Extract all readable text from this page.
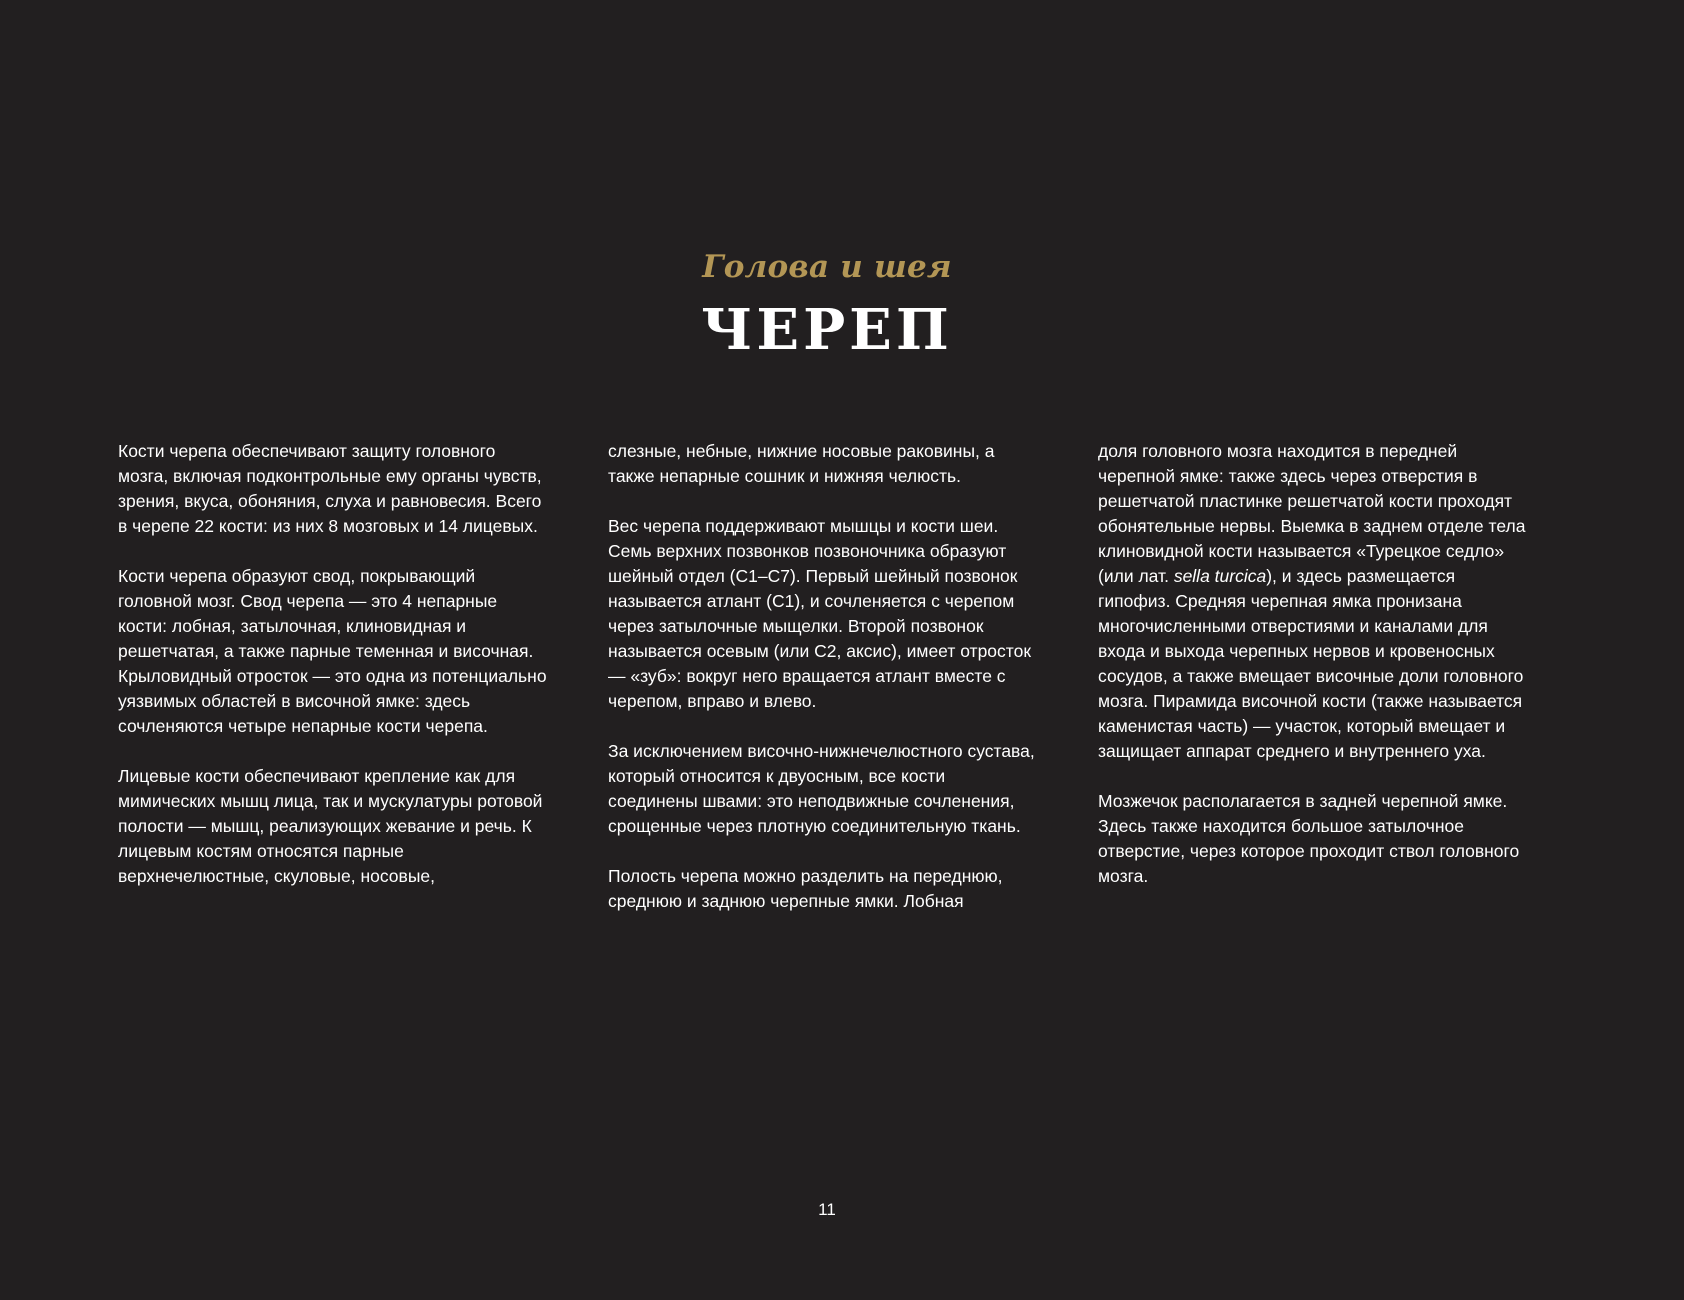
Голова и шея
ЧЕРЕП

Кости черепа обеспечивают защиту головного мозга, включая подконтрольные ему органы чувств, зрения, вкуса, обоняния, слуха и равновесия. Всего в черепе 22 кости: из них 8 мозговых и 14 лицевых.

Кости черепа образуют свод, покрывающий головной мозг. Свод черепа — это 4 непарные кости: лобная, затылочная, клиновидная и решетчатая, а также парные теменная и височная. Крыловидный отросток — это одна из потенциально уязвимых областей в височной ямке: здесь сочленяются четыре непарные кости черепа.

Лицевые кости обеспечивают крепление как для мимических мышц лица, так и мускулатуры ротовой полости — мышц, реализующих жевание и речь. К лицевым костям относятся парные верхнечелюстные, скуловые, носовые,

слезные, небные, нижние носовые раковины, а также непарные сошник и нижняя челюсть.

Вес черепа поддерживают мышцы и кости шеи. Семь верхних позвонков позвоночника образуют шейный отдел (C1–C7). Первый шейный позвонок называется атлант (C1), и сочленяется с черепом через затылочные мыщелки. Второй позвонок называется осевым (или C2, аксис), имеет отросток — «зуб»: вокруг него вращается атлант вместе с черепом, вправо и влево.

За исключением височно-нижнечелюстного сустава, который относится к двуосным, все кости соединены швами: это неподвижные сочленения, срощенные через плотную соединительную ткань.

Полость черепа можно разделить на переднюю, среднюю и заднюю черепные ямки. Лобная

доля головного мозга находится в передней черепной ямке: также здесь через отверстия в решетчатой пластинке решетчатой кости проходят обонятельные нервы. Выемка в заднем отделе тела клиновидной кости называется «Турецкое седло» (или лат. sella turcica), и здесь размещается гипофиз. Средняя черепная ямка пронизана многочисленными отверстиями и каналами для входа и выхода черепных нервов и кровеносных сосудов, а также вмещает височные доли головного мозга. Пирамида височной кости (также называется каменистая часть) — участок, который вмещает и защищает аппарат среднего и внутреннего уха.

Мозжечок располагается в задней черепной ямке. Здесь также находится большое затылочное отверстие, через которое проходит ствол головного мозга.

11
